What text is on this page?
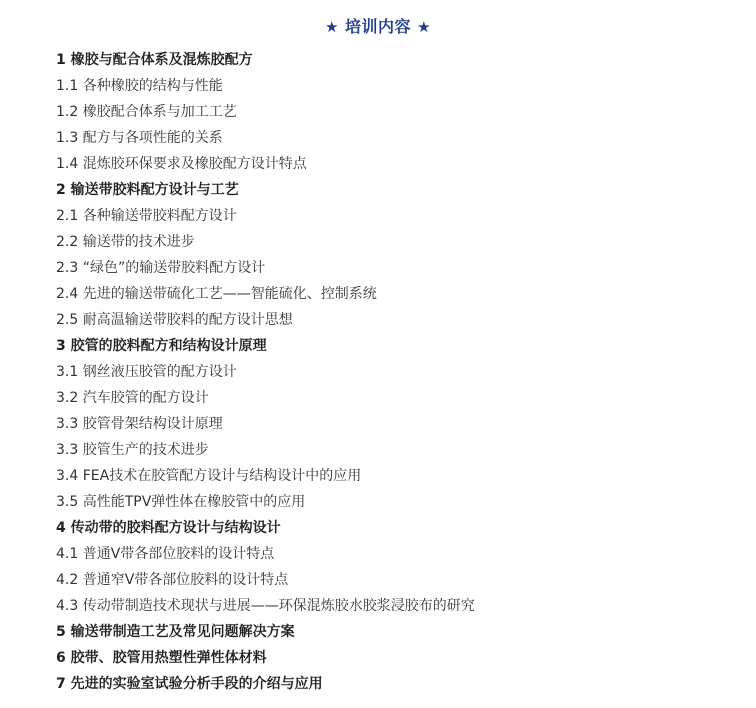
★ 培训内容 ★
1 橡胶与配合体系及混炼胶配方
1.1 各种橡胶的结构与性能
1.2 橡胶配合体系与加工工艺
1.3 配方与各项性能的关系
1.4 混炼胶环保要求及橡胶配方设计特点
2 输送带胶料配方设计与工艺
2.1 各种输送带胶料配方设计
2.2 输送带的技术进步
2.3 “绿色”的输送带胶料配方设计
2.4 先进的输送带硫化工艺——智能硫化、控制系统
2.5 耐高温输送带胶料的配方设计思想
3 胶管的胶料配方和结构设计原理
3.1 钢丝液压胶管的配方设计
3.2 汽车胶管的配方设计
3.3 胶管骨架结构设计原理
3.3 胶管生产的技术进步
3.4 FEA技术在胶管配方设计与结构设计中的应用
3.5 高性能TPV弹性体在橡胶管中的应用
4 传动带的胶料配方设计与结构设计
4.1 普通V带各部位胶料的设计特点
4.2 普通窄V带各部位胶料的设计特点
4.3 传动带制造技术现状与进展——环保混炼胶水胶浆浸胶布的研究
5 输送带制造工艺及常见问题解决方案
6 胶带、胶管用热塑性弹性体材料
7 先进的实验室试验分析手段的介绍与应用
